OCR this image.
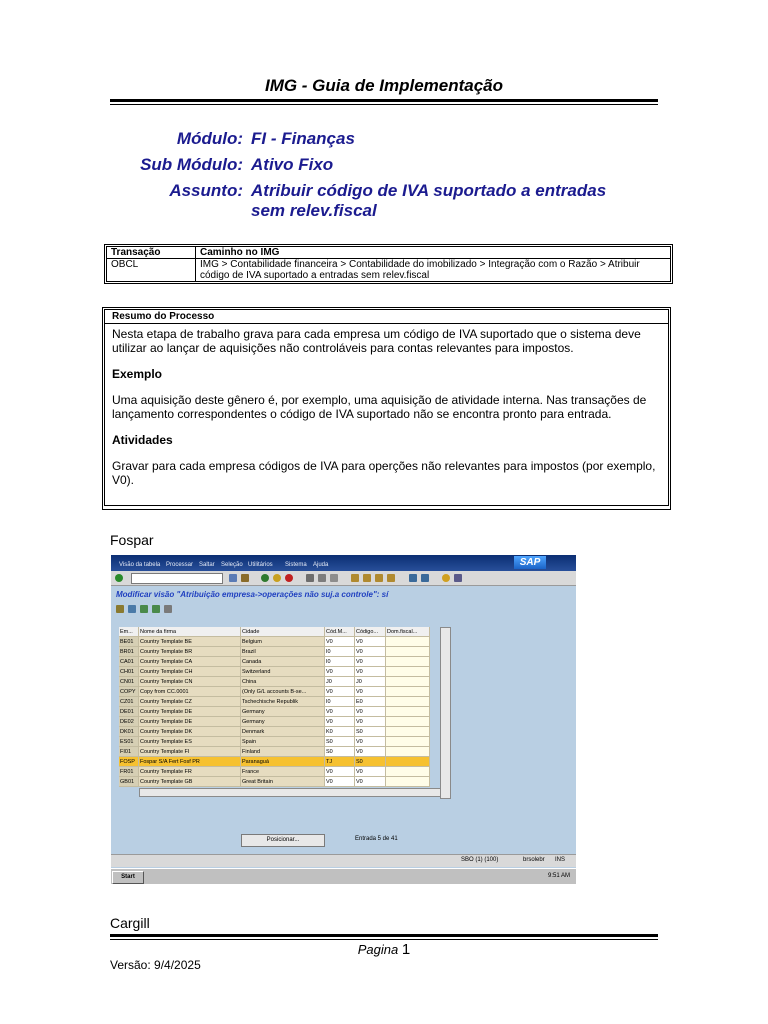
IMG - Guia de Implementação
Módulo: FI - Finanças
Sub Módulo: Ativo Fixo
Assunto: Atribuir código de IVA suportado a entradas sem relev.fiscal
Transação	Caminho no IMG
OBCL	IMG > Contabilidade financeira > Contabilidade do imobilizado > Integração com o Razão > Atribuir código de IVA suportado a entradas sem relev.fiscal
Resumo do Processo

Nesta etapa de trabalho grava para cada empresa um código de IVA suportado que o sistema deve utilizar ao lançar de aquisições não controláveis para contas relevantes para impostos.

Exemplo

Uma aquisição deste gênero é, por exemplo, uma aquisição de atividade interna. Nas transações de lançamento correspondentes o código de IVA suportado não se encontra pronto para entrada.

Atividades

Gravar para cada empresa códigos de IVA para operções não relevantes para impostos (por exemplo, V0).

Fospar
Visão da tabela Processar Saltar Seleção Utilitários Sistema Ajuda	SAP
Modificar visão "Atribuição empresa->operações não suj.a controle": sí
Em...	Nome da firma	Cidade	Cód.M...	Código...	Dom.fiscal...
BE01	Country Template BE	Belgium	V0	V0
BR01	Country Template BR	Brazil	I0	V0
CA01	Country Template CA	Canada	I0	V0
CH01	Country Template CH	Switzerland	V0	V0
CN01	Country Template CN	China	J0	J0
COPY Copy from CC.0001	(Only G/L accounts B-se...	V0	V0
CZ01	Country Template CZ	Tschechische Republik	I0	E0
DE01	Country Template DE	Germany	V0	V0
DE02	Country Template DE	Germany	V0	V0
DK01	Country Template DK	Denmark	K0	S0
ES01	Country Template ES	Spain	S0	V0
FI01	Country Template FI	Finland	S0	V0
FOSP Fospar S/A Fert Fosf PR	Paranaguá	TJ	S0
FR01	Country Template FR	France	V0	V0
GB01	Country Template GB	Great Britain	V0	V0
Posicionar...	Entrada 5 de 41
SBO (1) (100)	brsolebr INS
Start	9:51 AM
Cargill
Pagina 1
Versão: 9/4/2025
